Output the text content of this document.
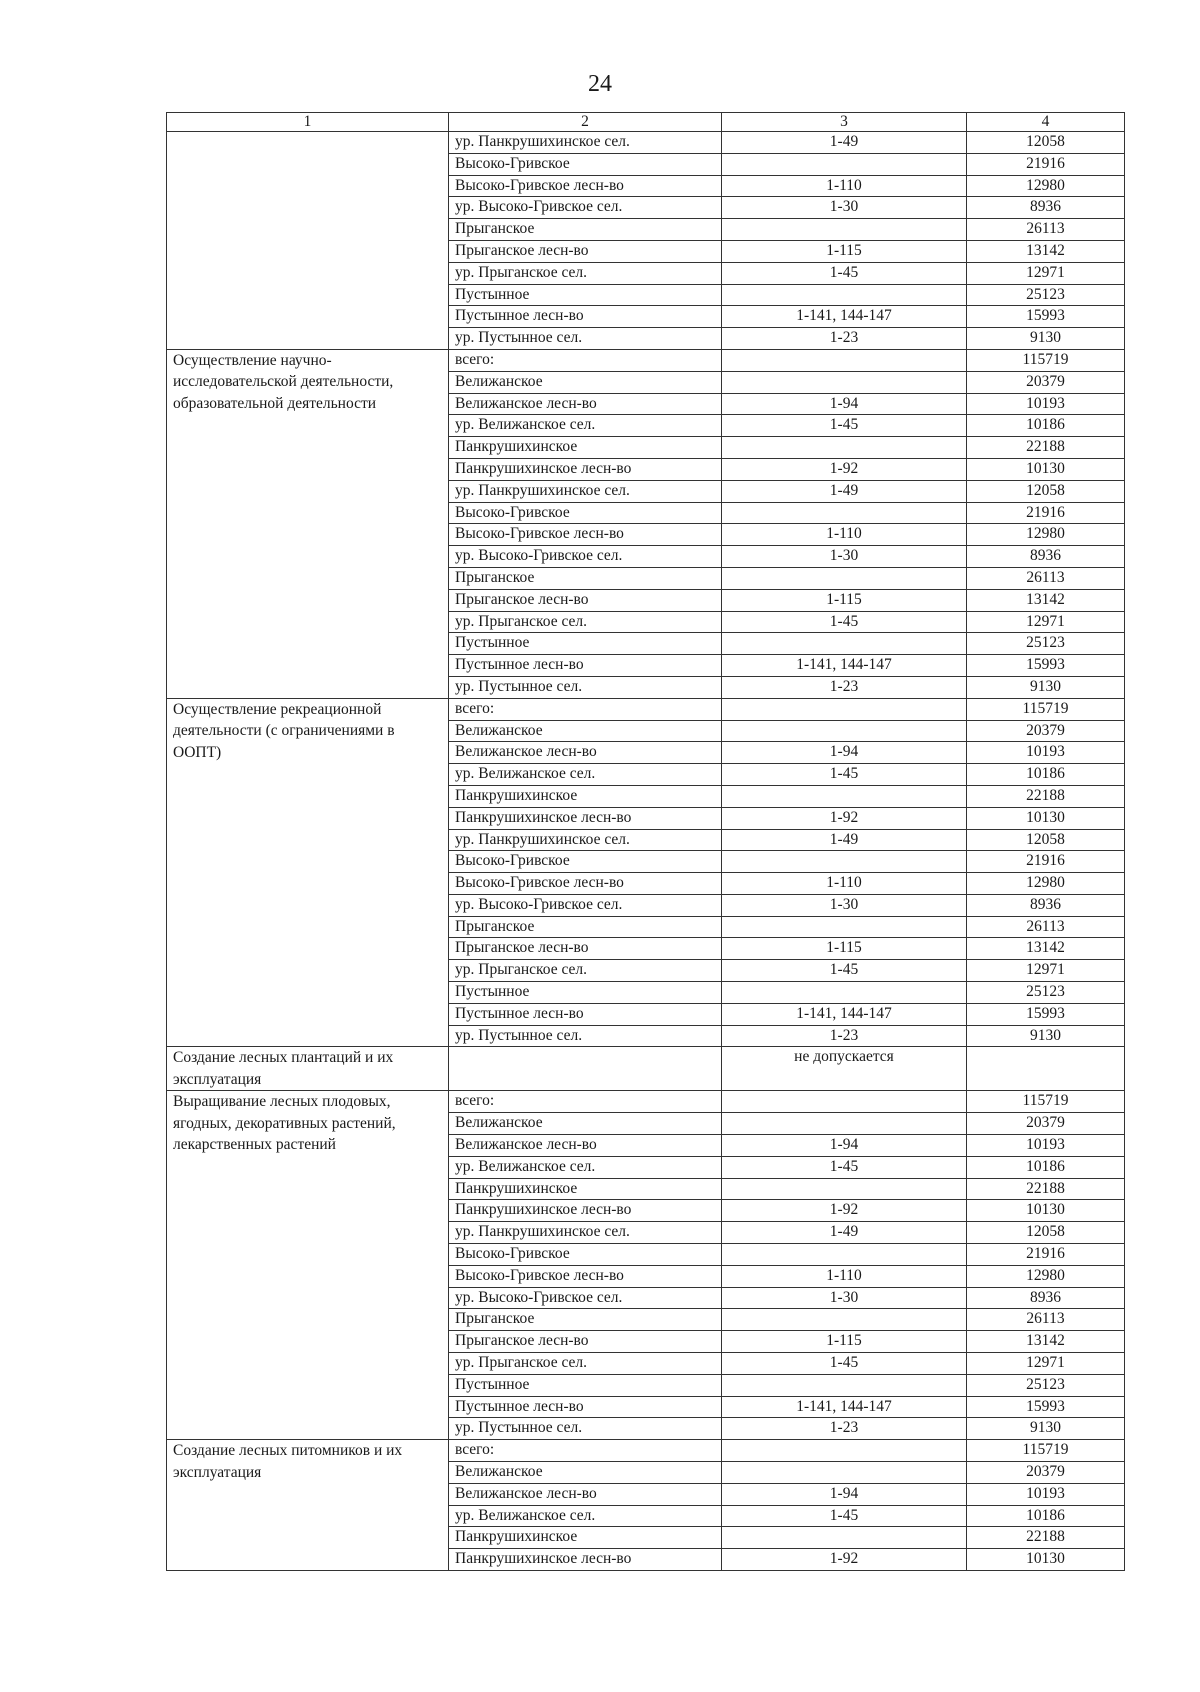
24
1	2	3	4
	ур. Панкрушихинское сел.	1-49	12058
	Высоко-Гривское		21916
	Высоко-Гривское лесн-во	1-110	12980
	ур. Высоко-Гривское сел.	1-30	8936
	Прыганское		26113
	Прыганское лесн-во	1-115	13142
	ур. Прыганское сел.	1-45	12971
	Пустынное		25123
	Пустынное лесн-во	1-141, 144-147	15993
	ур. Пустынное сел.	1-23	9130
Осуществление научно-исследовательской деятельности, образовательной деятельности	всего:		115719
	Велижанское		20379
	Велижанское лесн-во	1-94	10193
	ур. Велижанское сел.	1-45	10186
	Панкрушихинское		22188
	Панкрушихинское лесн-во	1-92	10130
	ур. Панкрушихинское сел.	1-49	12058
	Высоко-Гривское		21916
	Высоко-Гривское лесн-во	1-110	12980
	ур. Высоко-Гривское сел.	1-30	8936
	Прыганское		26113
	Прыганское лесн-во	1-115	13142
	ур. Прыганское сел.	1-45	12971
	Пустынное		25123
	Пустынное лесн-во	1-141, 144-147	15993
	ур. Пустынное сел.	1-23	9130
Осуществление рекреационной деятельности (с ограничениями в ООПТ)	всего:		115719
	Велижанское		20379
	Велижанское лесн-во	1-94	10193
	ур. Велижанское сел.	1-45	10186
	Панкрушихинское		22188
	Панкрушихинское лесн-во	1-92	10130
	ур. Панкрушихинское сел.	1-49	12058
	Высоко-Гривское		21916
	Высоко-Гривское лесн-во	1-110	12980
	ур. Высоко-Гривское сел.	1-30	8936
	Прыганское		26113
	Прыганское лесн-во	1-115	13142
	ур. Прыганское сел.	1-45	12971
	Пустынное		25123
	Пустынное лесн-во	1-141, 144-147	15993
	ур. Пустынное сел.	1-23	9130
Создание лесных плантаций и их эксплуатация		не допускается	
Выращивание лесных плодовых, ягодных, декоративных растений, лекарственных растений	всего:		115719
	Велижанское		20379
	Велижанское лесн-во	1-94	10193
	ур. Велижанское сел.	1-45	10186
	Панкрушихинское		22188
	Панкрушихинское лесн-во	1-92	10130
	ур. Панкрушихинское сел.	1-49	12058
	Высоко-Гривское		21916
	Высоко-Гривское лесн-во	1-110	12980
	ур. Высоко-Гривское сел.	1-30	8936
	Прыганское		26113
	Прыганское лесн-во	1-115	13142
	ур. Прыганское сел.	1-45	12971
	Пустынное		25123
	Пустынное лесн-во	1-141, 144-147	15993
	ур. Пустынное сел.	1-23	9130
Создание лесных питомников и их эксплуатация	всего:		115719
	Велижанское		20379
	Велижанское лесн-во	1-94	10193
	ур. Велижанское сел.	1-45	10186
	Панкрушихинское		22188
	Панкрушихинское лесн-во	1-92	10130
